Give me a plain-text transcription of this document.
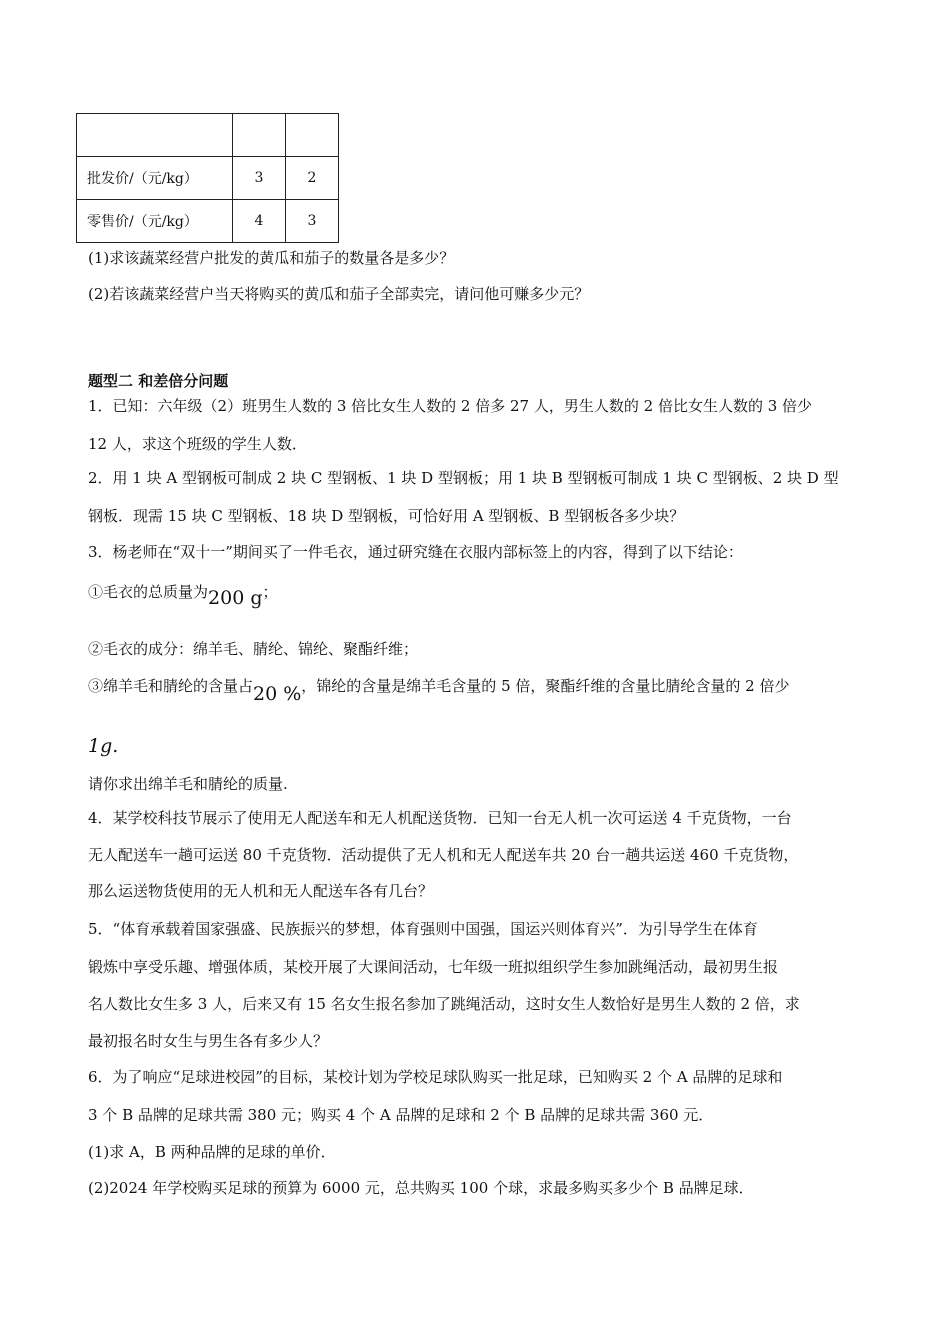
批发价/（元/kg）	3	2
零售价/（元/kg）	4	3
(1)求该蔬菜经营户批发的黄瓜和茄子的数量各是多少？
(2)若该蔬菜经营户当天将购买的黄瓜和茄子全部卖完，请问他可赚多少元？
题型二 和差倍分问题
1．已知：六年级（2）班男生人数的 3 倍比女生人数的 2 倍多 27 人，男生人数的 2 倍比女生人数的 3 倍少
12 人，求这个班级的学生人数．
2．用 1 块 A 型钢板可制成 2 块 C 型钢板、1 块 D 型钢板；用 1 块 B 型钢板可制成 1 块 C 型钢板、2 块 D 型
钢板．现需 15 块 C 型钢板、18 块 D 型钢板，可恰好用 A 型钢板、B 型钢板各多少块？
3．杨老师在“双十一”期间买了一件毛衣，通过研究缝在衣服内部标签上的内容，得到了以下结论：
①毛衣的总质量为200 g；
②毛衣的成分：绵羊毛、腈纶、锦纶、聚酯纤维；
③绵羊毛和腈纶的含量占20 %，锦纶的含量是绵羊毛含量的 5 倍，聚酯纤维的含量比腈纶含量的 2 倍少
1g.
请你求出绵羊毛和腈纶的质量.
4．某学校科技节展示了使用无人配送车和无人机配送货物．已知一台无人机一次可运送 4 千克货物，一台
无人配送车一趟可运送 80 千克货物．活动提供了无人机和无人配送车共 20 台一趟共运送 460 千克货物，
那么运送物货使用的无人机和无人配送车各有几台？
5．“体育承载着国家强盛、民族振兴的梦想，体育强则中国强，国运兴则体育兴”．为引导学生在体育
锻炼中享受乐趣、增强体质，某校开展了大课间活动，七年级一班拟组织学生参加跳绳活动，最初男生报
名人数比女生多 3 人，后来又有 15 名女生报名参加了跳绳活动，这时女生人数恰好是男生人数的 2 倍，求
最初报名时女生与男生各有多少人？
6．为了响应“足球进校园”的目标，某校计划为学校足球队购买一批足球，已知购买 2 个 A 品牌的足球和
3 个 B 品牌的足球共需 380 元；购买 4 个 A 品牌的足球和 2 个 B 品牌的足球共需 360 元．
(1)求 A，B 两种品牌的足球的单价．
(2)2024 年学校购买足球的预算为 6000 元，总共购买 100 个球，求最多购买多少个 B 品牌足球．
